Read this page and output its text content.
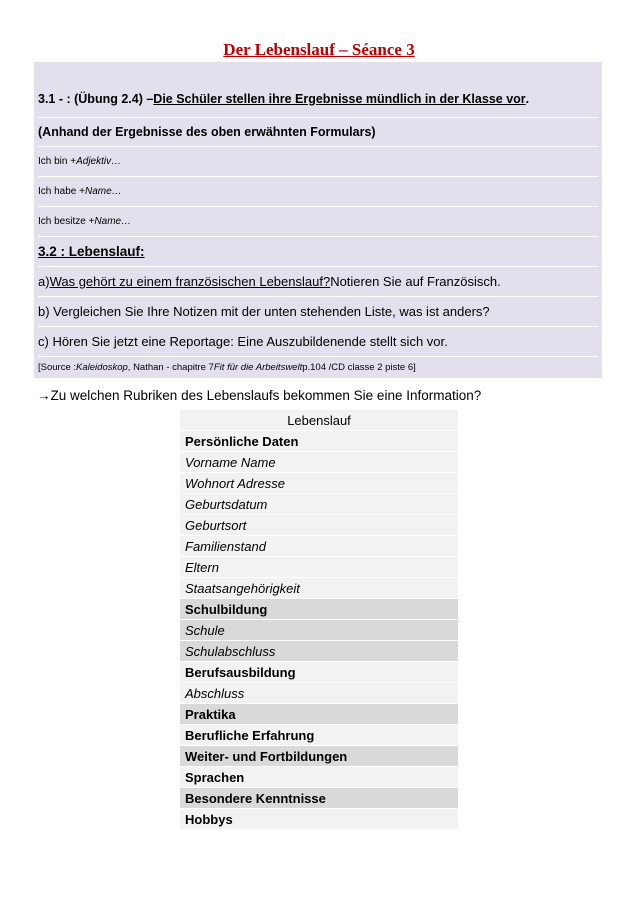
Der Lebenslauf – Séance 3
3.1 - : (Übung 2.4) – Die Schüler stellen ihre Ergebnisse mündlich in der Klasse vor .
(Anhand der Ergebnisse des oben erwähnten Formulars)
Ich bin + Adjektiv…
Ich habe + Name…
Ich besitze + Name…
3.2 : Lebenslauf:
a) Was gehört zu einem französischen Lebenslauf? Notieren Sie auf Französisch.
b) Vergleichen Sie Ihre Notizen mit der unten stehenden Liste, was ist anders?
c) Hören Sie jetzt eine Reportage: Eine Auszubildenende stellt sich vor.
[Source : Kaleidoskop , Nathan - chapitre 7 Fit für die Arbeitswelt p.104 /CD classe 2 piste 6]
→Zu welchen Rubriken des Lebenslaufs bekommen Sie eine Information?
Lebenslauf
Persönliche Daten
Vorname Name
Wohnort Adresse
Geburtsdatum
Geburtsort
Familienstand
Eltern
Staatsangehörigkeit
Schulbildung
Schule
Schulabschluss
Berufsausbildung
Abschluss
Praktika
Berufliche Erfahrung
Weiter- und Fortbildungen
Sprachen
Besondere Kenntnisse
Hobbys
